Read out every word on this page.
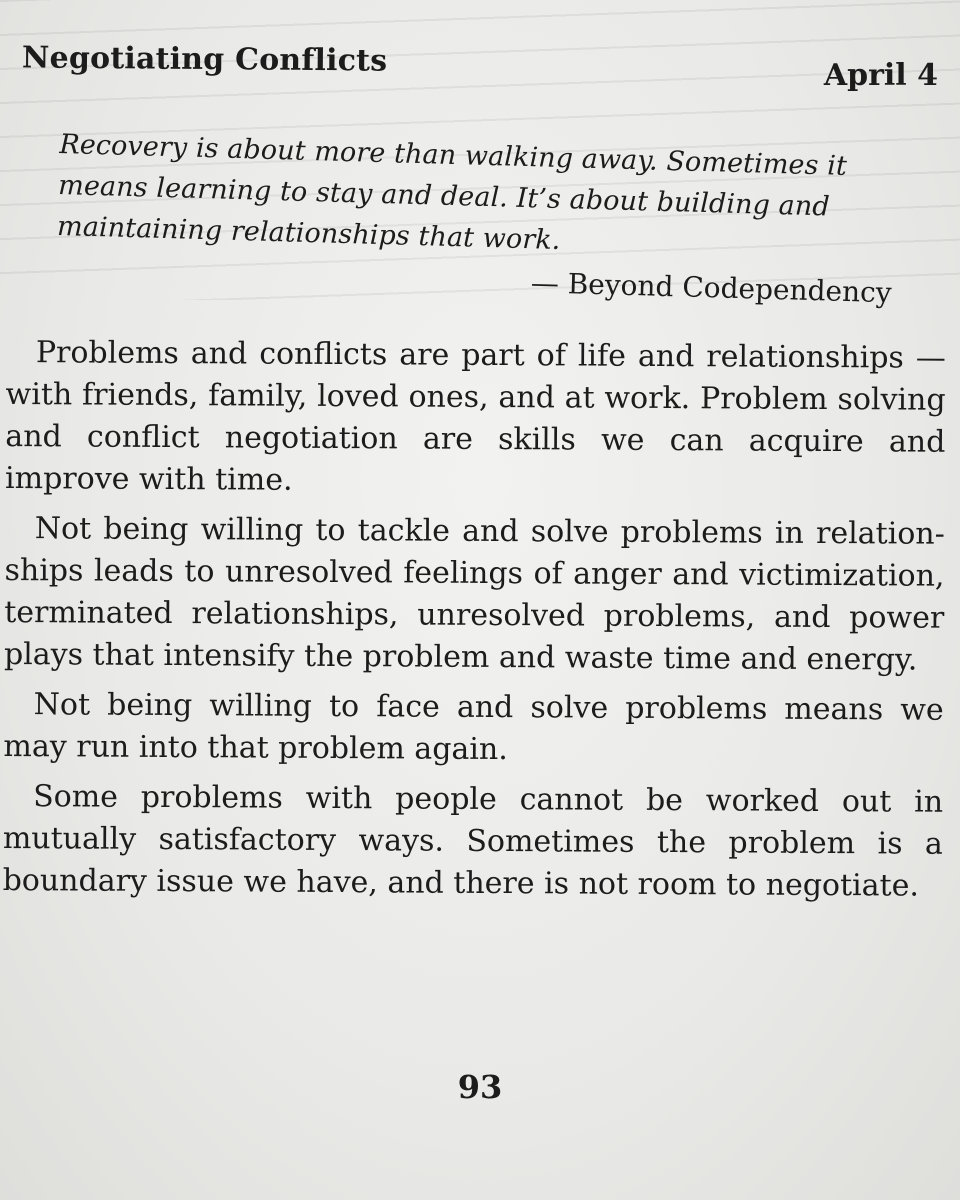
Negotiating Conflicts	April 4

Recovery is about more than walking away. Sometimes it means learning to stay and deal. It’s about building and maintaining relationships that work.

— Beyond Codependency

Problems and conflicts are part of life and relationships — with friends, family, loved ones, and at work. Problem solving and conflict negotiation are skills we can acquire and improve with time.

Not being willing to tackle and solve problems in relationships leads to unresolved feelings of anger and victimization, terminated relationships, unresolved problems, and power plays that intensify the problem and waste time and energy.

Not being willing to face and solve problems means we may run into that problem again.

Some problems with people cannot be worked out in mutually satisfactory ways. Sometimes the problem is a boundary issue we have, and there is not room to negotiate.

93
